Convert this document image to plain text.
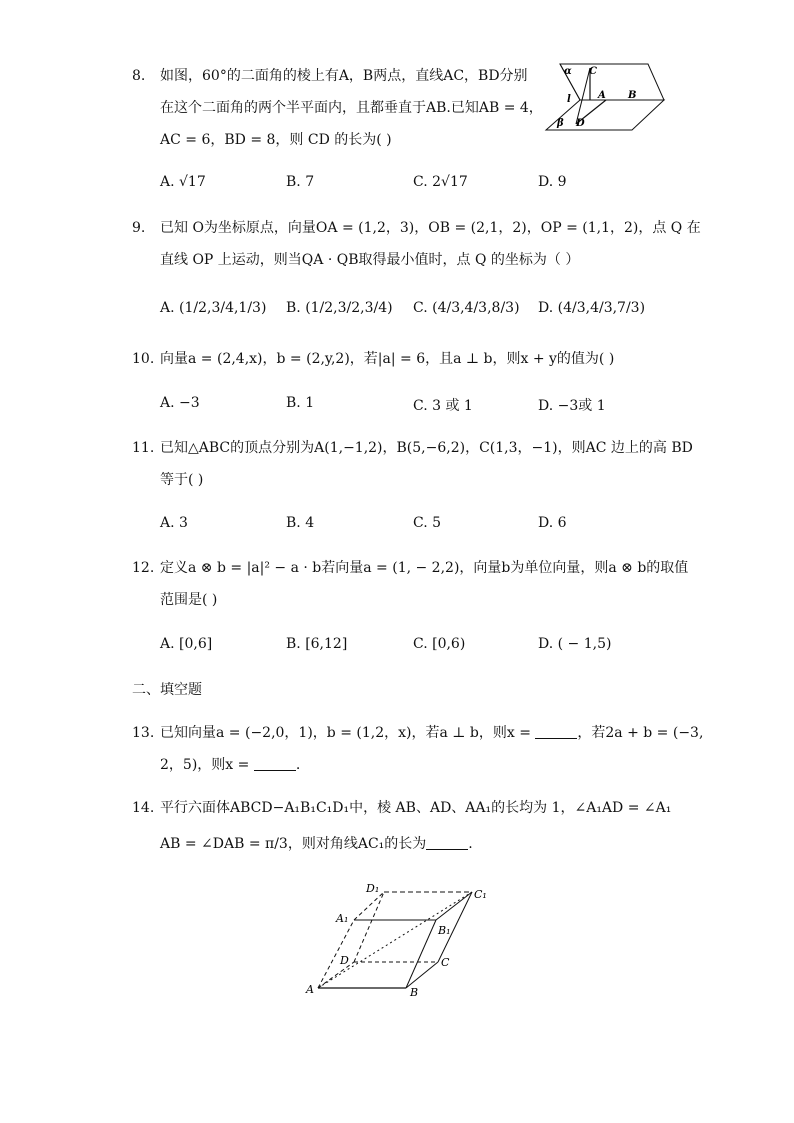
8.	如图，60°的二面角的棱上有A，B两点，直线AC，BD分别
在这个二面角的两个半平面内，且都垂直于AB.已知AB = 4，
AC = 6，BD = 8，则 CD 的长为( )
α C
l	A B
β D
A. √17	B. 7	C. 2√17	D. 9
9.	已知 O为坐标原点，向量OA = (1,2，3)，OB = (2,1，2)，OP = (1,1，2)，点 Q 在
直线 OP 上运动，则当QA · QB取得最小值时，点 Q 的坐标为（ ）
A. (1/2,3/4,1/3) B. (1/2,3/2,3/4) C. (4/3,4/3,8/3) D. (4/3,4/3,7/3)
10. 向量a = (2,4,x)，b = (2,y,2)，若|a| = 6，且a ⊥ b，则x + y的值为( )
A. −3	B. 1	C. 3 或 1	D. −3或 1
11. 已知△ABC的顶点分别为A(1,−1,2)，B(5,−6,2)，C(1,3，−1)，则AC 边上的高 BD
等于( )
A. 3	B. 4	C. 5	D. 6
12. 定义a ⊗ b = |a|² − a · b若向量a = (1, − 2,2)，向量b为单位向量，则a ⊗ b的取值
范围是( )
A. [0,6]	B. [6,12]	C. [0,6)	D. ( − 1,5)
二、填空题
13. 已知向量a = (−2,0，1)，b = (1,2，x)，若a ⊥ b，则x =	，若2a + b = (−3,
2，5)，则x =	.
14. 平行六面体ABCD−A₁B₁C₁D₁中，棱 AB、AD、AA₁的长均为 1，∠A₁AD = ∠A₁
AB = ∠DAB = π/3，则对角线AC₁的长为	.
D₁	C₁
A₁
B₁
D	C
A	B
